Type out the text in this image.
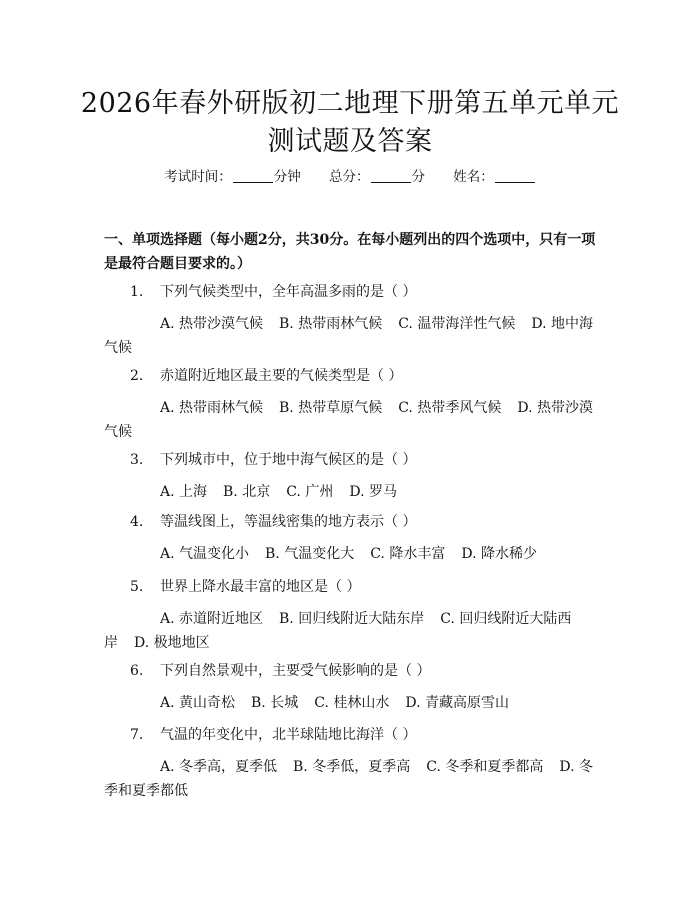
2026年春外研版初二地理下册第五单元单元
测试题及答案
考试时间：	分钟 总分：	分 姓名：
一、单项选择题（每小题2分，共30分。在每小题列出的四个选项中，只有一项是最符合题目要求的。）
1. 下列气候类型中，全年高温多雨的是（ ）
A. 热带沙漠气候 B. 热带雨林气候 C. 温带海洋性气候 D. 地中海气候
2. 赤道附近地区最主要的气候类型是（ ）
A. 热带雨林气候 B. 热带草原气候 C. 热带季风气候 D. 热带沙漠气候
3. 下列城市中，位于地中海气候区的是（ ）
A. 上海 B. 北京 C. 广州 D. 罗马
4. 等温线图上，等温线密集的地方表示（ ）
A. 气温变化小 B. 气温变化大 C. 降水丰富 D. 降水稀少
5. 世界上降水最丰富的地区是（ ）
A. 赤道附近地区 B. 回归线附近大陆东岸 C. 回归线附近大陆西岸 D. 极地地区
6. 下列自然景观中，主要受气候影响的是（ ）
A. 黄山奇松 B. 长城 C. 桂林山水 D. 青藏高原雪山
7. 气温的年变化中，北半球陆地比海洋（ ）
A. 冬季高，夏季低 B. 冬季低，夏季高 C. 冬季和夏季都高 D. 冬季和夏季都低
